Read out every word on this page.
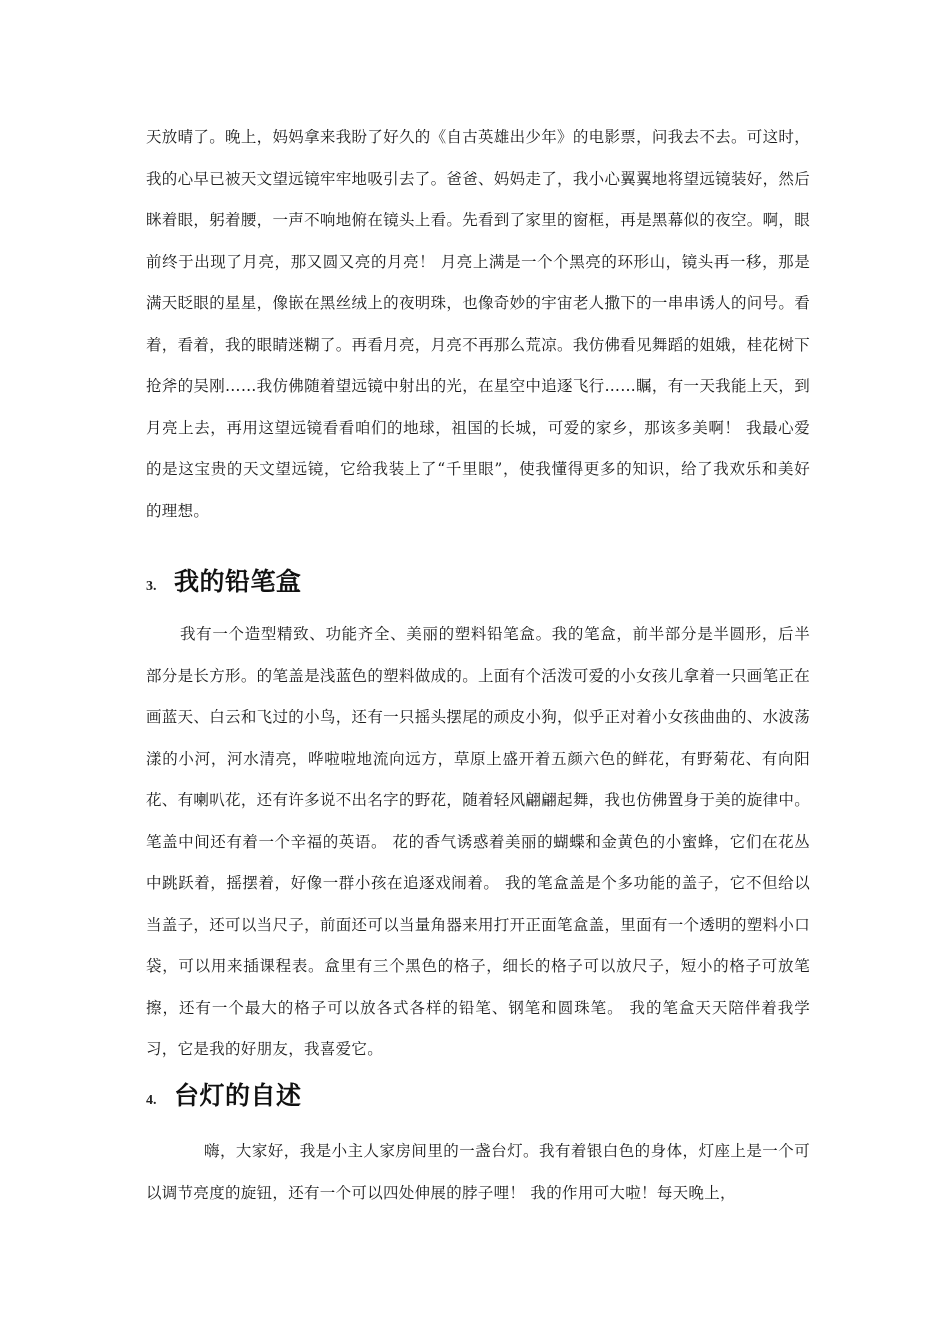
天放晴了。晚上，妈妈拿来我盼了好久的《自古英雄出少年》的电影票，问我去不去。可这时，我的心早已被天文望远镜牢牢地吸引去了。爸爸、妈妈走了，我小心翼翼地将望远镜装好，然后眯着眼，躬着腰，一声不响地俯在镜头上看。先看到了家里的窗框，再是黑幕似的夜空。啊，眼前终于出现了月亮，那又圆又亮的月亮！ 月亮上满是一个个黑亮的环形山，镜头再一移，那是满天眨眼的星星，像嵌在黑丝绒上的夜明珠，也像奇妙的宇宙老人撒下的一串串诱人的问号。看着，看着，我的眼睛迷糊了。再看月亮，月亮不再那么荒凉。我仿佛看见舞蹈的姐娥，桂花树下抢斧的吴刚……我仿佛随着望远镜中射出的光，在星空中追逐飞行……瞩，有一天我能上天，到月亮上去，再用这望远镜看看咱们的地球，祖国的长城，可爱的家乡，那该多美啊！ 我最心爱的是这宝贵的天文望远镜，它给我装上了“千里眼”，使我懂得更多的知识，给了我欢乐和美好的理想。

3. 我的铅笔盒

我有一个造型精致、功能齐全、美丽的塑料铅笔盒。我的笔盒，前半部分是半圆形，后半部分是长方形。的笔盖是浅蓝色的塑料做成的。上面有个活泼可爱的小女孩儿拿着一只画笔正在画蓝天、白云和飞过的小鸟，还有一只摇头摆尾的顽皮小狗，似乎正对着小女孩曲曲的、水波荡漾的小河，河水清亮，哗啦啦地流向远方，草原上盛开着五颜六色的鲜花，有野菊花、有向阳花、有喇叭花，还有许多说不出名字的野花，随着轻风翩翩起舞，我也仿佛置身于美的旋律中。笔盖中间还有着一个辛福的英语。 花的香气诱惑着美丽的蝴蝶和金黄色的小蜜蜂，它们在花丛中跳跃着，摇摆着，好像一群小孩在追逐戏闹着。 我的笔盒盖是个多功能的盖子，它不但给以当盖子，还可以当尺子，前面还可以当量角器来用打开正面笔盒盖，里面有一个透明的塑料小口袋，可以用来插课程表。盒里有三个黑色的格子，细长的格子可以放尺子，短小的格子可放笔擦，还有一个最大的格子可以放各式各样的铅笔、钢笔和圆珠笔。 我的笔盒天天陪伴着我学习，它是我的好朋友，我喜爱它。

4. 台灯的自述

嗨，大家好，我是小主人家房间里的一盏台灯。我有着银白色的身体，灯座上是一个可以调节亮度的旋钮，还有一个可以四处伸展的脖子哩！ 我的作用可大啦！每天晚上，
